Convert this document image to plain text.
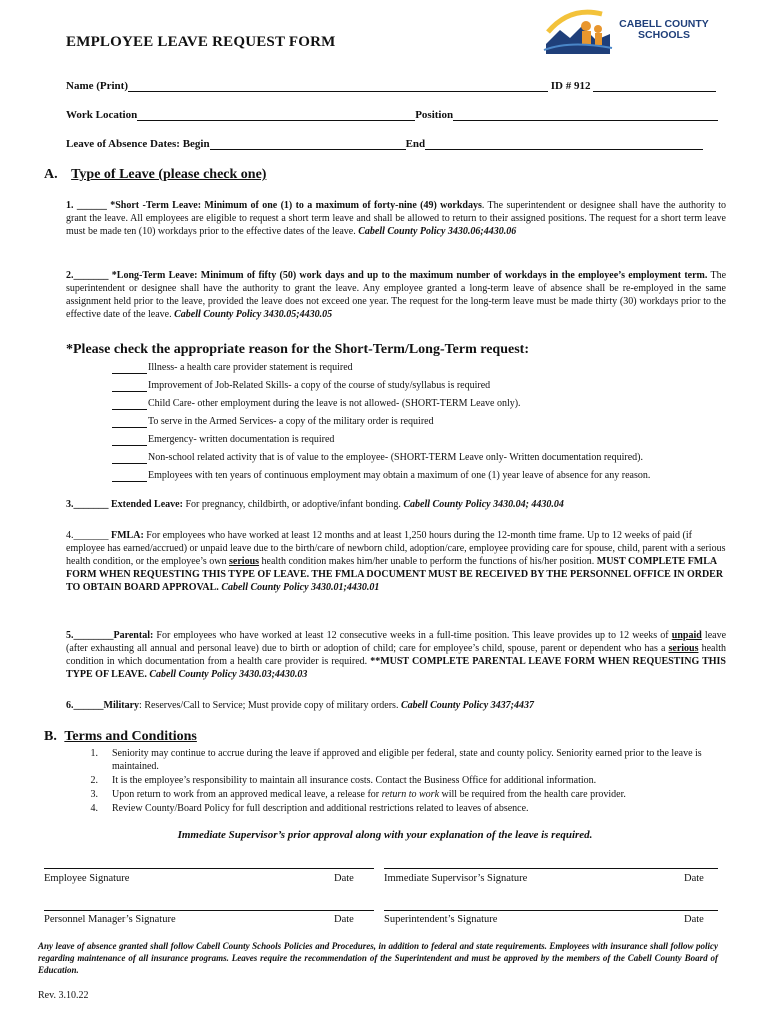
EMPLOYEE LEAVE REQUEST FORM
CABELL COUNTY
SCHOOLS
Name (Print)	ID # 912
Work Location	Position
Leave of Absence Dates: Begin	End
A. Type of Leave (please check one)
1. ______ *Short -Term Leave: Minimum of one (1) to a maximum of forty-nine (49) workdays. The superintendent or designee shall have the authority to grant the leave. All employees are eligible to request a short term leave and shall be allowed to return to their assigned positions. The request for a short term leave must be made ten (10) workdays prior to the effective dates of the leave. Cabell County Policy 3430.06;4430.06
2._______ *Long-Term Leave: Minimum of fifty (50) work days and up to the maximum number of workdays in the employee’s employment term. The superintendent or designee shall have the authority to grant the leave. Any employee granted a long-term leave of absence shall be re-employed in the same assignment held prior to the leave, provided the leave does not exceed one year. The request for the long-term leave must be made thirty (30) workdays prior to the effective date of the leave. Cabell County Policy 3430.05;4430.05
*Please check the appropriate reason for the Short-Term/Long-Term request:
Illness- a health care provider statement is required
Improvement of Job-Related Skills- a copy of the course of study/syllabus is required
Child Care- other employment during the leave is not allowed- (SHORT-TERM Leave only).
To serve in the Armed Services- a copy of the military order is required
Emergency- written documentation is required
Non-school related activity that is of value to the employee- (SHORT-TERM Leave only- Written documentation required).
Employees with ten years of continuous employment may obtain a maximum of one (1) year leave of absence for any reason.
3._______ Extended Leave: For pregnancy, childbirth, or adoptive/infant bonding. Cabell County Policy 3430.04; 4430.04
4._______ FMLA: For employees who have worked at least 12 months and at least 1,250 hours during the 12-month time frame. Up to 12 weeks of paid (if employee has earned/accrued) or unpaid leave due to the birth/care of newborn child, adoption/care, employee providing care for spouse, child, parent with a serious health condition, or the employee’s own serious health condition makes him/her unable to perform the functions of his/her position. MUST COMPLETE FMLA FORM WHEN REQUESTING THIS TYPE OF LEAVE. THE FMLA DOCUMENT MUST BE RECEIVED BY THE PERSONNEL OFFICE IN ORDER TO OBTAIN BOARD APPROVAL. Cabell County Policy 3430.01;4430.01
5.________Parental: For employees who have worked at least 12 consecutive weeks in a full-time position. This leave provides up to 12 weeks of unpaid leave (after exhausting all annual and personal leave) due to birth or adoption of child; care for employee’s child, spouse, parent or dependent who has a serious health condition in which documentation from a health care provider is required. **MUST COMPLETE PARENTAL LEAVE FORM WHEN REQUESTING THIS TYPE OF LEAVE. Cabell County Policy 3430.03;4430.03
6.______Military: Reserves/Call to Service; Must provide copy of military orders. Cabell County Policy 3437;4437
B. Terms and Conditions
1. Seniority may continue to accrue during the leave if approved and eligible per federal, state and county policy. Seniority earned prior to the leave is maintained.
2. It is the employee’s responsibility to maintain all insurance costs. Contact the Business Office for additional information.
3. Upon return to work from an approved medical leave, a release for return to work will be required from the health care provider.
4. Review County/Board Policy for full description and additional restrictions related to leaves of absence.
Immediate Supervisor’s prior approval along with your explanation of the leave is required.
Employee Signature	Date	Immediate Supervisor’s Signature	Date
Personnel Manager’s Signature	Date	Superintendent’s Signature	Date
Any leave of absence granted shall follow Cabell County Schools Policies and Procedures, in addition to federal and state requirements. Employees with insurance shall follow policy regarding maintenance of all insurance programs. Leaves require the recommendation of the Superintendent and must be approved by the members of the Cabell County Board of Education.
Rev. 3.10.22
